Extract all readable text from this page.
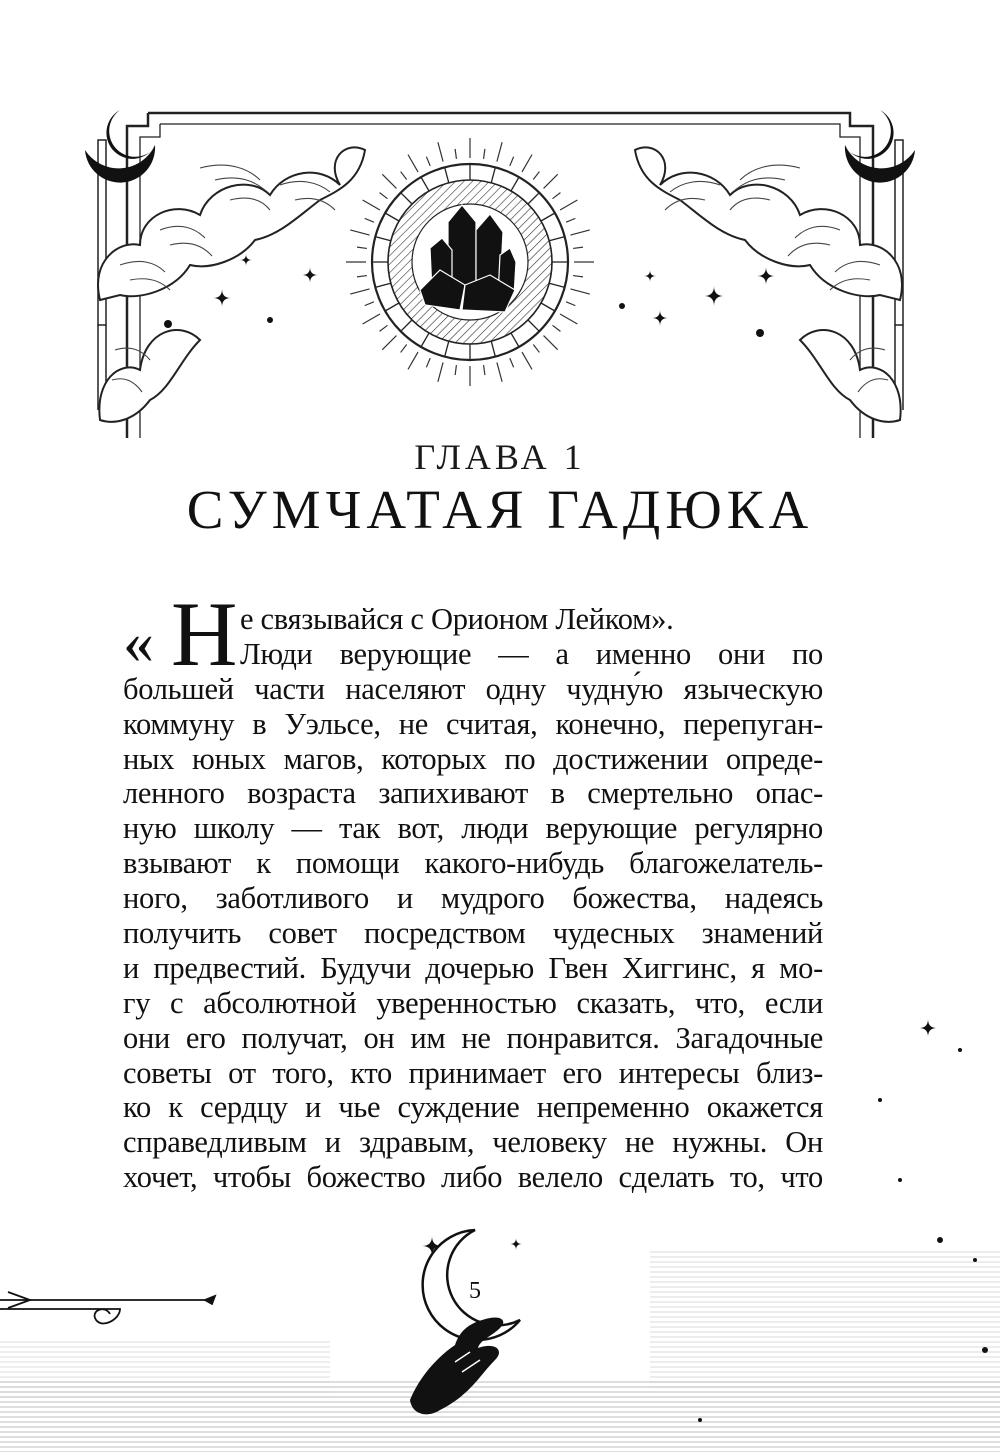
ГЛАВА 1
СУМЧАТАЯ ГАДЮКА
« Н е связывайся с Орионом Лейком».
Люди верующие — а именно они по
большей части населяют одну чудну́ю языческую
коммуну в Уэльсе, не считая, конечно, перепуган-
ных юных магов, которых по достижении опреде-
ленного возраста запихивают в смертельно опас-
ную школу — так вот, люди верующие регулярно
взывают к помощи какого-нибудь благожелатель-
ного, заботливого и мудрого божества, надеясь
получить совет посредством чудесных знамений
и предвестий. Будучи дочерью Гвен Хиггинс, я мо-
гу с абсолютной уверенностью сказать, что, если
они его получат, он им не понравится. Загадочные
советы от того, кто принимает его интересы близ-
ко к сердцу и чье суждение непременно окажется
справедливым и здравым, человеку не нужны. Он
хочет, чтобы божество либо велело сделать то, что
5
